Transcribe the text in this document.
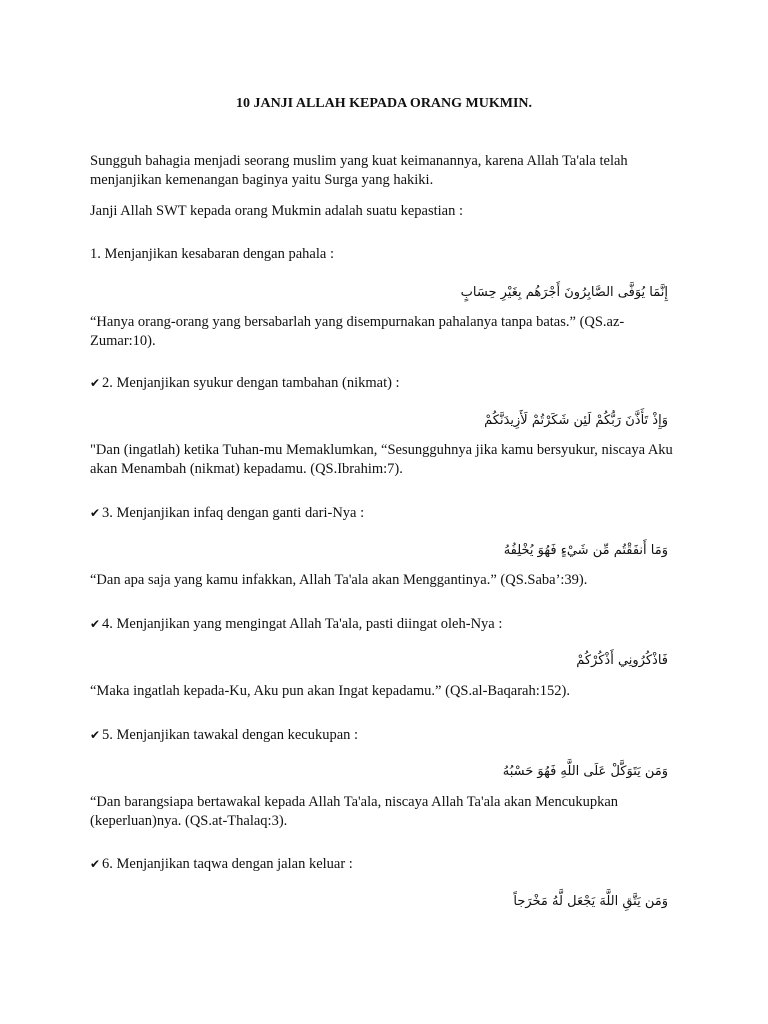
10 JANJI ALLAH KEPADA ORANG MUKMIN.
Sungguh bahagia menjadi seorang muslim yang kuat keimanannya, karena Allah Ta'ala telah menjanjikan kemenangan baginya yaitu Surga yang hakiki.
Janji Allah SWT kepada orang Mukmin adalah suatu kepastian :
1. Menjanjikan kesabaran dengan pahala :
إِنَّمَا يُوَفَّى الصَّابِرُونَ أَجْرَهُم بِغَيْرِ حِسَابٍ
“Hanya orang-orang yang bersabarlah yang disempurnakan pahalanya tanpa batas.” (QS.az-Zumar:10).
✔ 2. Menjanjikan syukur dengan tambahan (nikmat) :
وَإِذْ تَأَذَّنَ رَبُّكُمْ لَئِن شَكَرْتُمْ لَأَزِيدَنَّكُمْ
"Dan (ingatlah) ketika Tuhan-mu Memaklumkan, “Sesungguhnya jika kamu bersyukur, niscaya Aku akan Menambah (nikmat) kepadamu. (QS.Ibrahim:7).
✔ 3. Menjanjikan infaq dengan ganti dari-Nya :
وَمَا أَنفَقْتُم مِّن شَيْءٍ فَهُوَ يُخْلِفُهُ
“Dan apa saja yang kamu infakkan, Allah Ta'ala akan Menggantinya.” (QS.Saba’:39).
✔ 4. Menjanjikan yang mengingat Allah Ta'ala, pasti diingat oleh-Nya :
فَاذْكُرُونِي أَذْكُرْكُمْ
“Maka ingatlah kepada-Ku, Aku pun akan Ingat kepadamu.” (QS.al-Baqarah:152).
✔ 5. Menjanjikan tawakal dengan kecukupan :
وَمَن يَتَوَكَّلْ عَلَى اللَّهِ فَهُوَ حَسْبُهُ
“Dan barangsiapa bertawakal kepada Allah Ta'ala, niscaya Allah Ta'ala akan Mencukupkan (keperluan)nya. (QS.at-Thalaq:3).
✔ 6. Menjanjikan taqwa dengan jalan keluar :
وَمَن يَتَّقِ اللَّهَ يَجْعَل لَّهُ مَخْرَجاً
